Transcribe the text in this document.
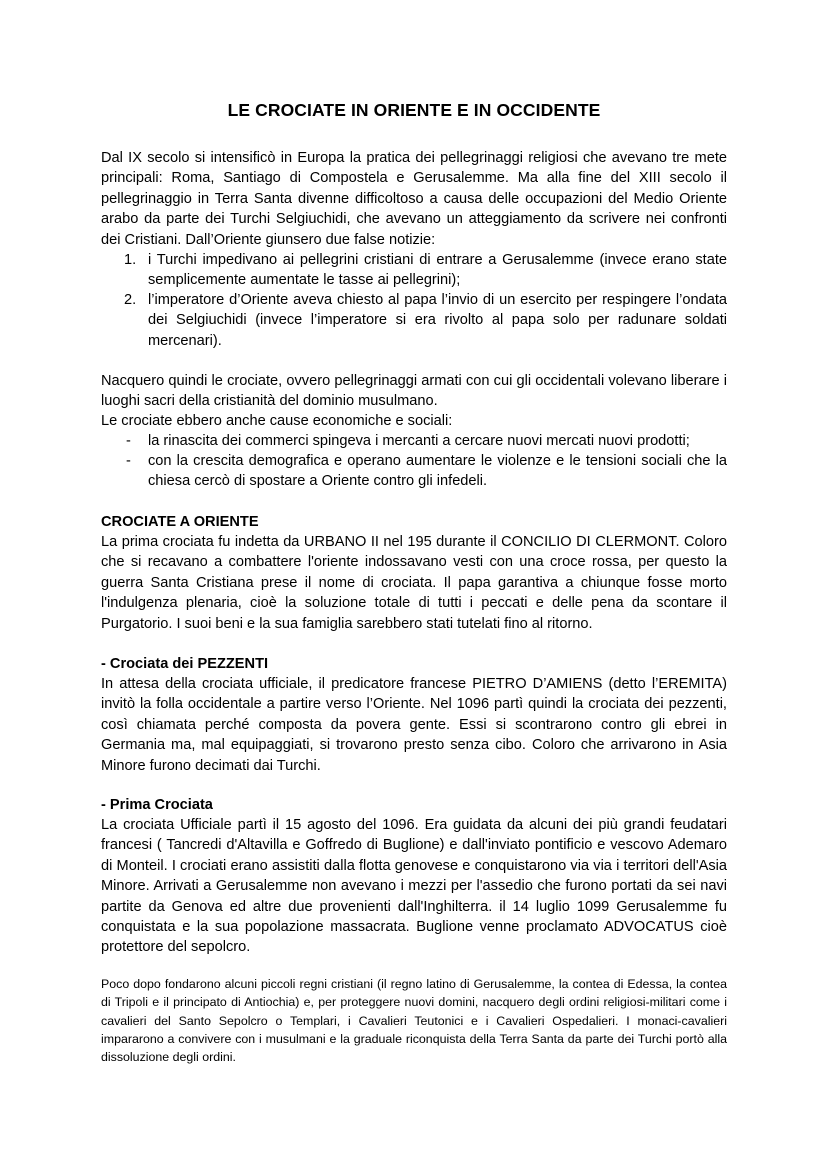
LE CROCIATE IN ORIENTE E IN OCCIDENTE
Dal IX secolo si intensificò in Europa la pratica dei pellegrinaggi religiosi che avevano tre mete principali: Roma, Santiago di Compostela e Gerusalemme. Ma alla fine del XIII secolo il pellegrinaggio in Terra Santa divenne difficoltoso a causa delle occupazioni del Medio Oriente arabo da parte dei Turchi Selgiuchidi, che avevano un atteggiamento da scrivere nei confronti dei Cristiani. Dall’Oriente giunsero due false notizie:
1. i Turchi impedivano ai pellegrini cristiani di entrare a Gerusalemme (invece erano state semplicemente aumentate le tasse ai pellegrini);
2. l’imperatore d’Oriente aveva chiesto al papa l’invio di un esercito per respingere l’ondata dei Selgiuchidi (invece l’imperatore si era rivolto al papa solo per radunare soldati mercenari).
Nacquero quindi le crociate, ovvero pellegrinaggi armati con cui gli occidentali volevano liberare i luoghi sacri della cristianità del dominio musulmano.
Le crociate ebbero anche cause economiche e sociali:
- la rinascita dei commerci spingeva i mercanti a cercare nuovi mercati nuovi prodotti;
- con la crescita demografica e operano aumentare le violenze e le tensioni sociali che la chiesa cercò di spostare a Oriente contro gli infedeli.
CROCIATE A ORIENTE
La prima crociata fu indetta da URBANO II nel 195 durante il CONCILIO DI CLERMONT. Coloro che si recavano a combattere l'oriente indossavano vesti con una croce rossa, per questo la guerra Santa Cristiana prese il nome di crociata. Il papa garantiva a chiunque fosse morto l'indulgenza plenaria, cioè la soluzione totale di tutti i peccati e delle pena da scontare il Purgatorio. I suoi beni e la sua famiglia sarebbero stati tutelati fino al ritorno.
- Crociata dei PEZZENTI
In attesa della crociata ufficiale, il predicatore francese PIETRO D’AMIENS (detto l’EREMITA) invitò la folla occidentale a partire verso l’Oriente. Nel 1096 partì quindi la crociata dei pezzenti, così chiamata perché composta da povera gente. Essi si scontrarono contro gli ebrei in Germania ma, mal equipaggiati, si trovarono presto senza cibo. Coloro che arrivarono in Asia Minore furono decimati dai Turchi.
- Prima Crociata
La crociata Ufficiale partì il 15 agosto del 1096. Era guidata da alcuni dei più grandi feudatari francesi ( Tancredi d'Altavilla e Goffredo di Buglione) e dall'inviato pontificio e vescovo Ademaro di Monteil. I crociati erano assistiti dalla flotta genovese e conquistarono via via i territori dell'Asia Minore. Arrivati a Gerusalemme non avevano i mezzi per l'assedio che furono portati da sei navi partite da Genova ed altre due provenienti dall'Inghilterra. il 14 luglio 1099 Gerusalemme fu conquistata e la sua popolazione massacrata. Buglione venne proclamato ADVOCATUS cioè protettore del sepolcro.
Poco dopo fondarono alcuni piccoli regni cristiani (il regno latino di Gerusalemme, la contea di Edessa, la contea di Tripoli e il principato di Antiochia) e, per proteggere nuovi domini, nacquero degli ordini religiosi-militari come i cavalieri del Santo Sepolcro o Templari, i Cavalieri Teutonici e i Cavalieri Ospedalieri. I monaci-cavalieri impararono a convivere con i musulmani e la graduale riconquista della Terra Santa da parte dei Turchi portò alla dissoluzione degli ordini.
